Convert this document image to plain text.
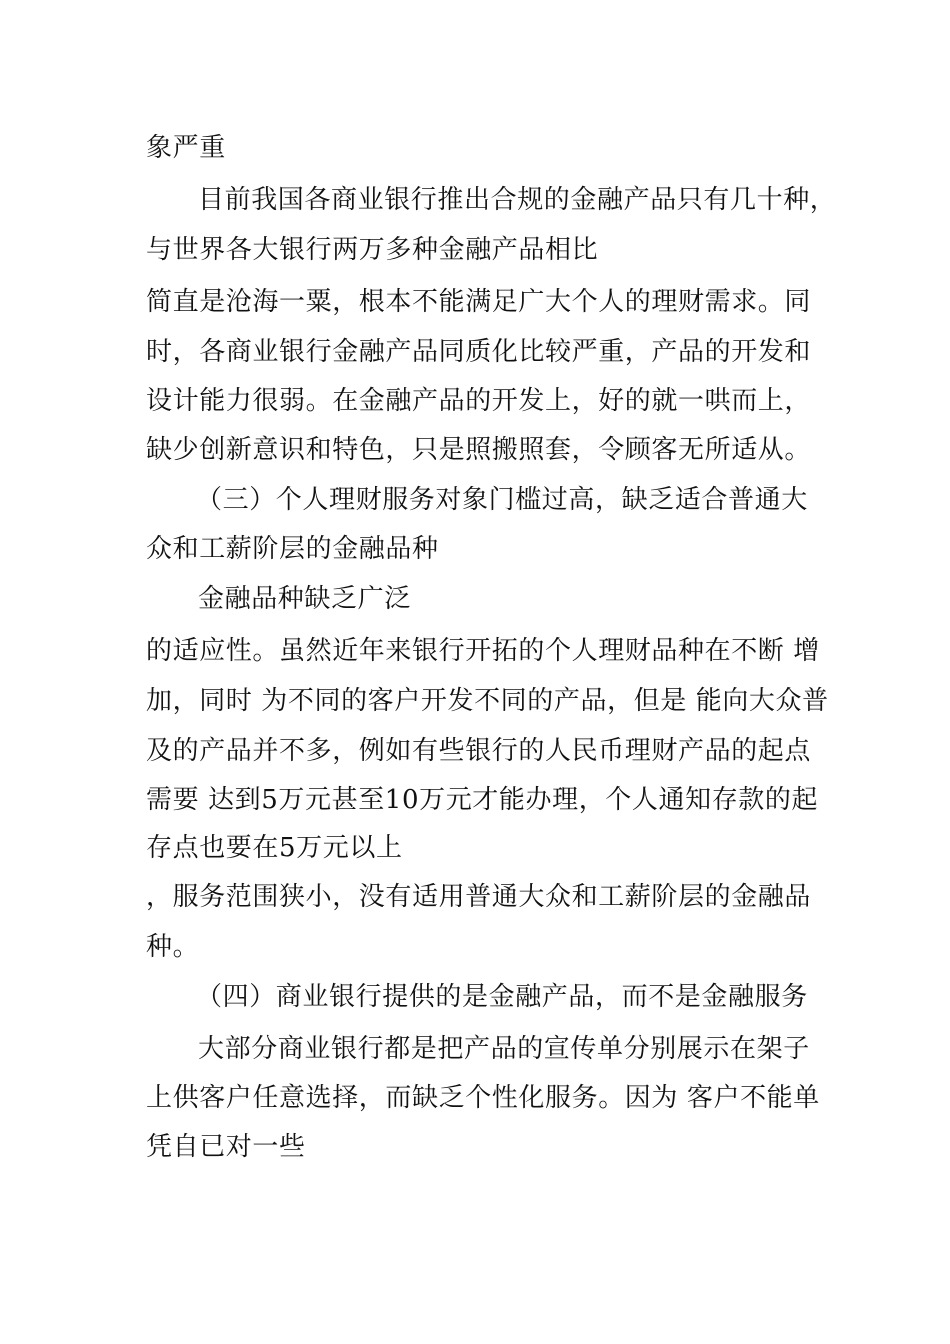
象严重
目前我国各商业银行推出合规的金融产品只有几十种，
与世界各大银行两万多种金融产品相比
简直是沧海一粟，根本不能满足广大个人的理财需求。同
时，各商业银行金融产品同质化比较严重，产品的开发和
设计能力很弱。在金融产品的开发上，好的就一哄而上，
缺少创新意识和特色，只是照搬照套，令顾客无所适从。
（三）个人理财服务对象门槛过高，缺乏适合普通大
众和工薪阶层的金融品种
金融品种缺乏广泛
的适应性。虽然近年来银行开拓的个人理财品种在不断 增
加，同时 为不同的客户开发不同的产品，但是 能向大众普
及的产品并不多，例如有些银行的人民币理财产品的起点
需要 达到5万元甚至10万元才能办理，个人通知存款的起
存点也要在5万元以上
，服务范围狭小，没有适用普通大众和工薪阶层的金融品
种。
（四）商业银行提供的是金融产品，而不是金融服务
大部分商业银行都是把产品的宣传单分别展示在架子
上供客户任意选择，而缺乏个性化服务。因为 客户不能单
凭自已对一些
